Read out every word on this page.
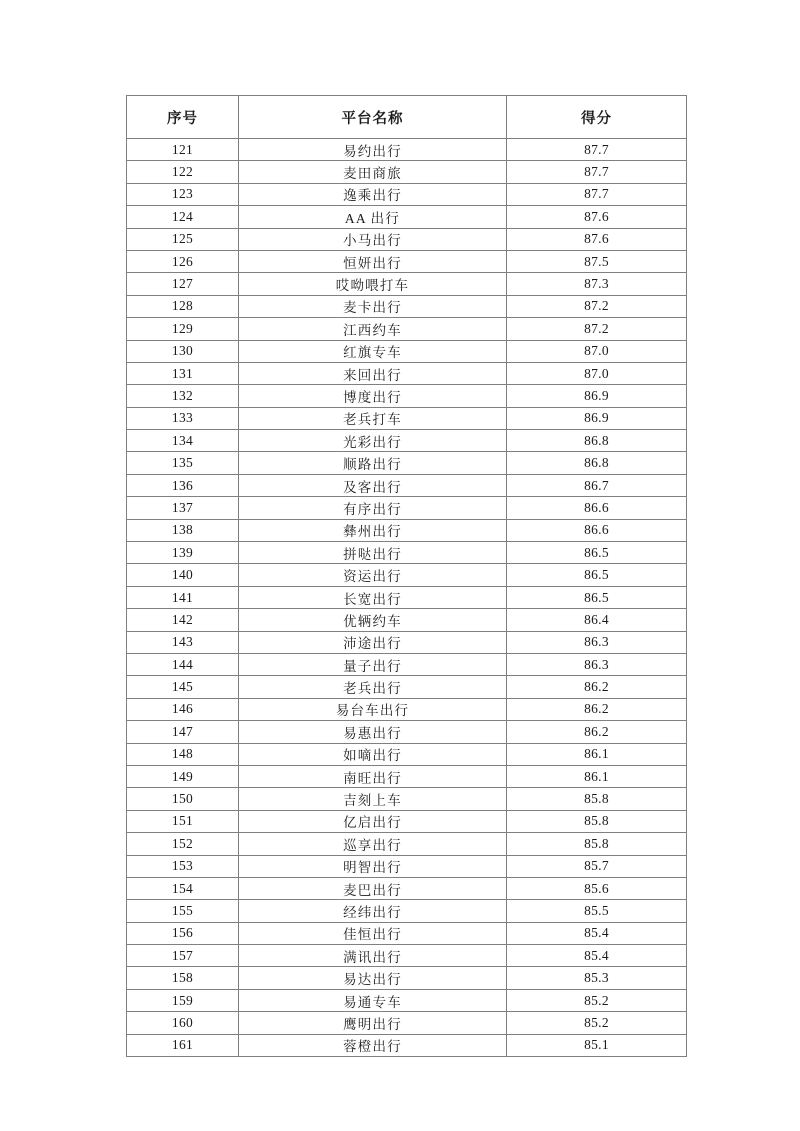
序号	平台名称	得分
121	易约出行	87.7
122	麦田商旅	87.7
123	逸乘出行	87.7
124	AA 出行	87.6
125	小马出行	87.6
126	恒妍出行	87.5
127	哎呦喂打车	87.3
128	麦卡出行	87.2
129	江西约车	87.2
130	红旗专车	87.0
131	来回出行	87.0
132	博度出行	86.9
133	老兵打车	86.9
134	光彩出行	86.8
135	顺路出行	86.8
136	及客出行	86.7
137	有序出行	86.6
138	彝州出行	86.6
139	拼哒出行	86.5
140	资运出行	86.5
141	长宽出行	86.5
142	优辆约车	86.4
143	沛途出行	86.3
144	量子出行	86.3
145	老兵出行	86.2
146	易台车出行	86.2
147	易惠出行	86.2
148	如嘀出行	86.1
149	南旺出行	86.1
150	吉刻上车	85.8
151	亿启出行	85.8
152	巡享出行	85.8
153	明智出行	85.7
154	麦巴出行	85.6
155	经纬出行	85.5
156	佳恒出行	85.4
157	满讯出行	85.4
158	易达出行	85.3
159	易通专车	85.2
160	鹰明出行	85.2
161	蓉橙出行	85.1
